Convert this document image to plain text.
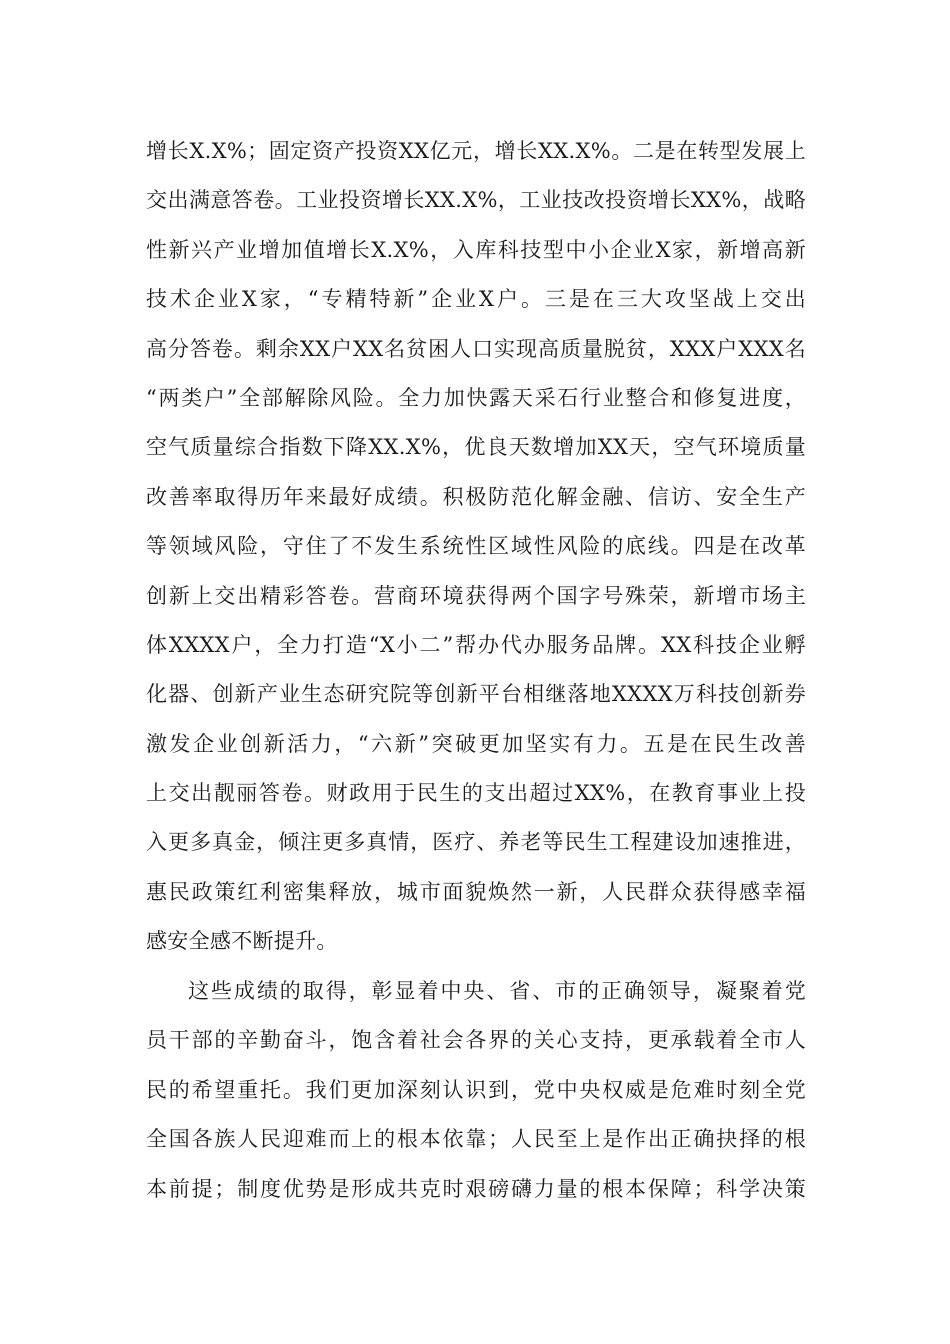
增长X.X%；固定资产投资XX亿元，增长XX.X%。二是在转型发展上
交出满意答卷。工业投资增长XX.X%，工业技改投资增长XX%，战略
性新兴产业增加值增长X.X%，入库科技型中小企业X家，新增高新
技术企业X家，“专精特新”企业X户。三是在三大攻坚战上交出
高分答卷。剩余XX户XX名贫困人口实现高质量脱贫，XXX户XXX名
“两类户”全部解除风险。全力加快露天采石行业整合和修复进度，
空气质量综合指数下降XX.X%，优良天数增加XX天，空气环境质量
改善率取得历年来最好成绩。积极防范化解金融、信访、安全生产
等领域风险，守住了不发生系统性区域性风险的底线。四是在改革
创新上交出精彩答卷。营商环境获得两个国字号殊荣，新增市场主
体XXXX户，全力打造“X小二”帮办代办服务品牌。XX科技企业孵
化器、创新产业生态研究院等创新平台相继落地XXXX万科技创新券
激发企业创新活力，“六新”突破更加坚实有力。五是在民生改善
上交出靓丽答卷。财政用于民生的支出超过XX%，在教育事业上投
入更多真金，倾注更多真情，医疗、养老等民生工程建设加速推进，
惠民政策红利密集释放，城市面貌焕然一新，人民群众获得感幸福
感安全感不断提升。
这些成绩的取得，彰显着中央、省、市的正确领导，凝聚着党
员干部的辛勤奋斗，饱含着社会各界的关心支持，更承载着全市人
民的希望重托。我们更加深刻认识到，党中央权威是危难时刻全党
全国各族人民迎难而上的根本依靠；人民至上是作出正确抉择的根
本前提；制度优势是形成共克时艰磅礴力量的根本保障；科学决策
